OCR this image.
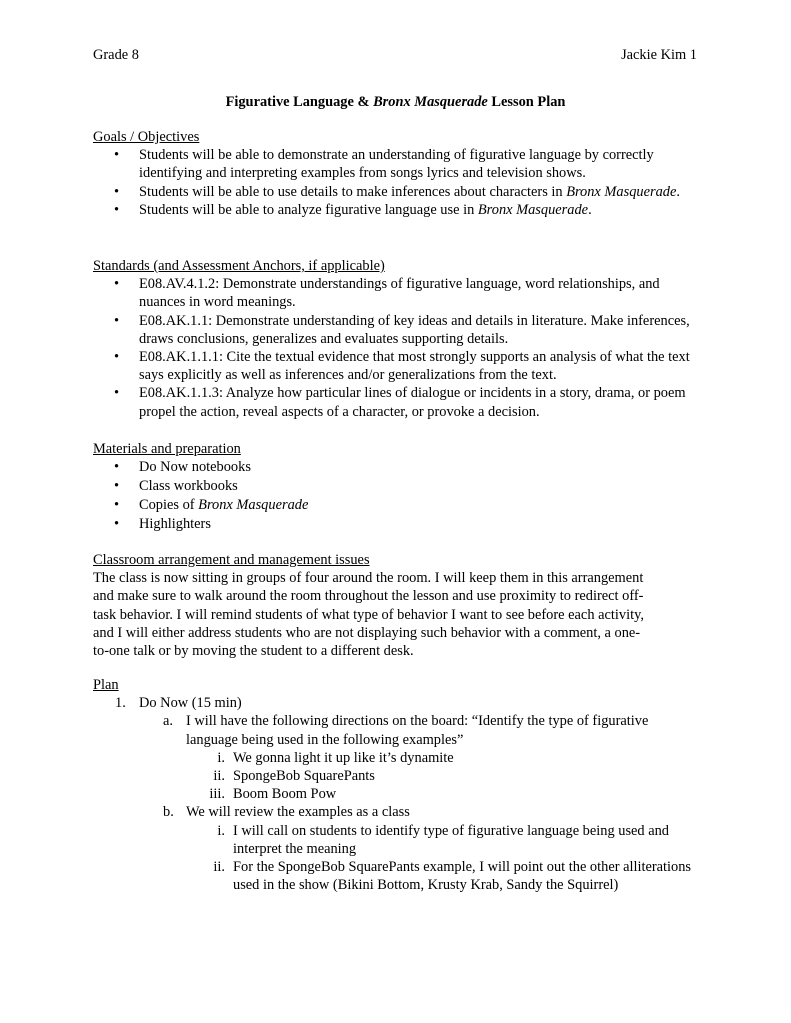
Grade 8	Jackie Kim 1
Figurative Language & Bronx Masquerade Lesson Plan
Goals / Objectives
• Students will be able to demonstrate an understanding of figurative language by correctly identifying and interpreting examples from songs lyrics and television shows.
• Students will be able to use details to make inferences about characters in Bronx Masquerade.
• Students will be able to analyze figurative language use in Bronx Masquerade.
Standards (and Assessment Anchors, if applicable)
• E08.AV.4.1.2: Demonstrate understandings of figurative language, word relationships, and nuances in word meanings.
• E08.AK.1.1: Demonstrate understanding of key ideas and details in literature. Make inferences, draws conclusions, generalizes and evaluates supporting details.
• E08.AK.1.1.1: Cite the textual evidence that most strongly supports an analysis of what the text says explicitly as well as inferences and/or generalizations from the text.
• E08.AK.1.1.3: Analyze how particular lines of dialogue or incidents in a story, drama, or poem propel the action, reveal aspects of a character, or provoke a decision.
Materials and preparation
• Do Now notebooks
• Class workbooks
• Copies of Bronx Masquerade
• Highlighters
Classroom arrangement and management issues
The class is now sitting in groups of four around the room. I will keep them in this arrangement
and make sure to walk around the room throughout the lesson and use proximity to redirect off-
task behavior. I will remind students of what type of behavior I want to see before each activity,
and I will either address students who are not displaying such behavior with a comment, a one-
to-one talk or by moving the student to a different desk.
Plan
1. Do Now (15 min)
a. I will have the following directions on the board: “Identify the type of figurative language being used in the following examples”
i. We gonna light it up like it’s dynamite
ii. SpongeBob SquarePants
iii. Boom Boom Pow
b. We will review the examples as a class
i. I will call on students to identify type of figurative language being used and interpret the meaning
ii. For the SpongeBob SquarePants example, I will point out the other alliterations used in the show (Bikini Bottom, Krusty Krab, Sandy the Squirrel)
